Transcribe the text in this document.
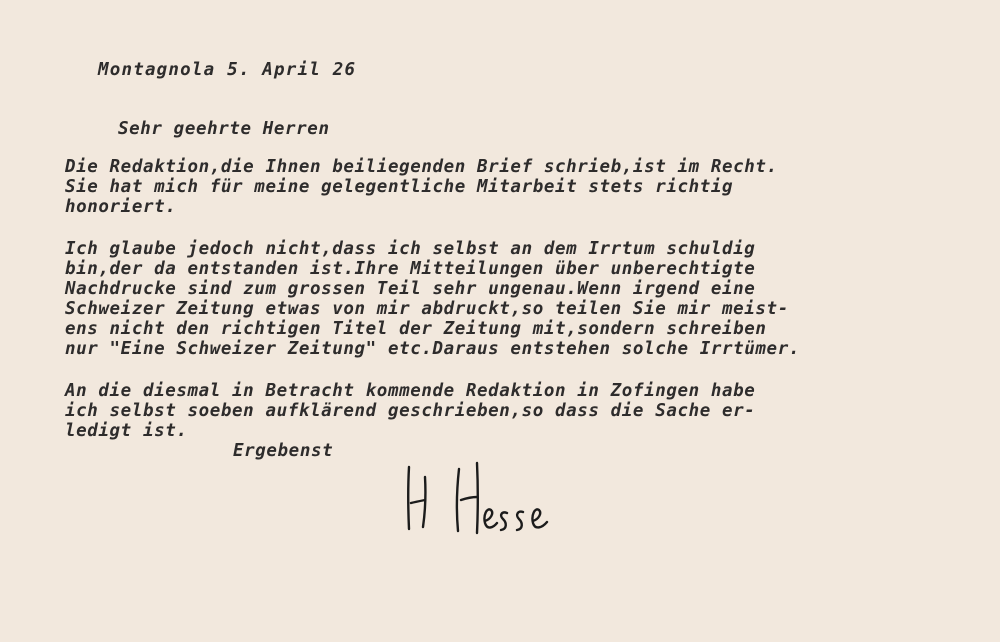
Montagnola 5. April 26
Sehr geehrte Herren
Die Redaktion,die Ihnen beiliegenden Brief schrieb,ist im Recht.
Sie hat mich für meine gelegentliche Mitarbeit stets richtig
honoriert.
Ich glaube jedoch nicht,dass ich selbst an dem Irrtum schuldig
bin,der da entstanden ist.Ihre Mitteilungen über unberechtigte
Nachdrucke sind zum grossen Teil sehr ungenau.Wenn irgend eine
Schweizer Zeitung etwas von mir abdruckt,so teilen Sie mir meist-
ens nicht den richtigen Titel der Zeitung mit,sondern schreiben
nur "Eine Schweizer Zeitung" etc.Daraus entstehen solche Irrtümer.
An die diesmal in Betracht kommende Redaktion in Zofingen habe
ich selbst soeben aufklärend geschrieben,so dass die Sache er-
ledigt ist.
Ergebenst
